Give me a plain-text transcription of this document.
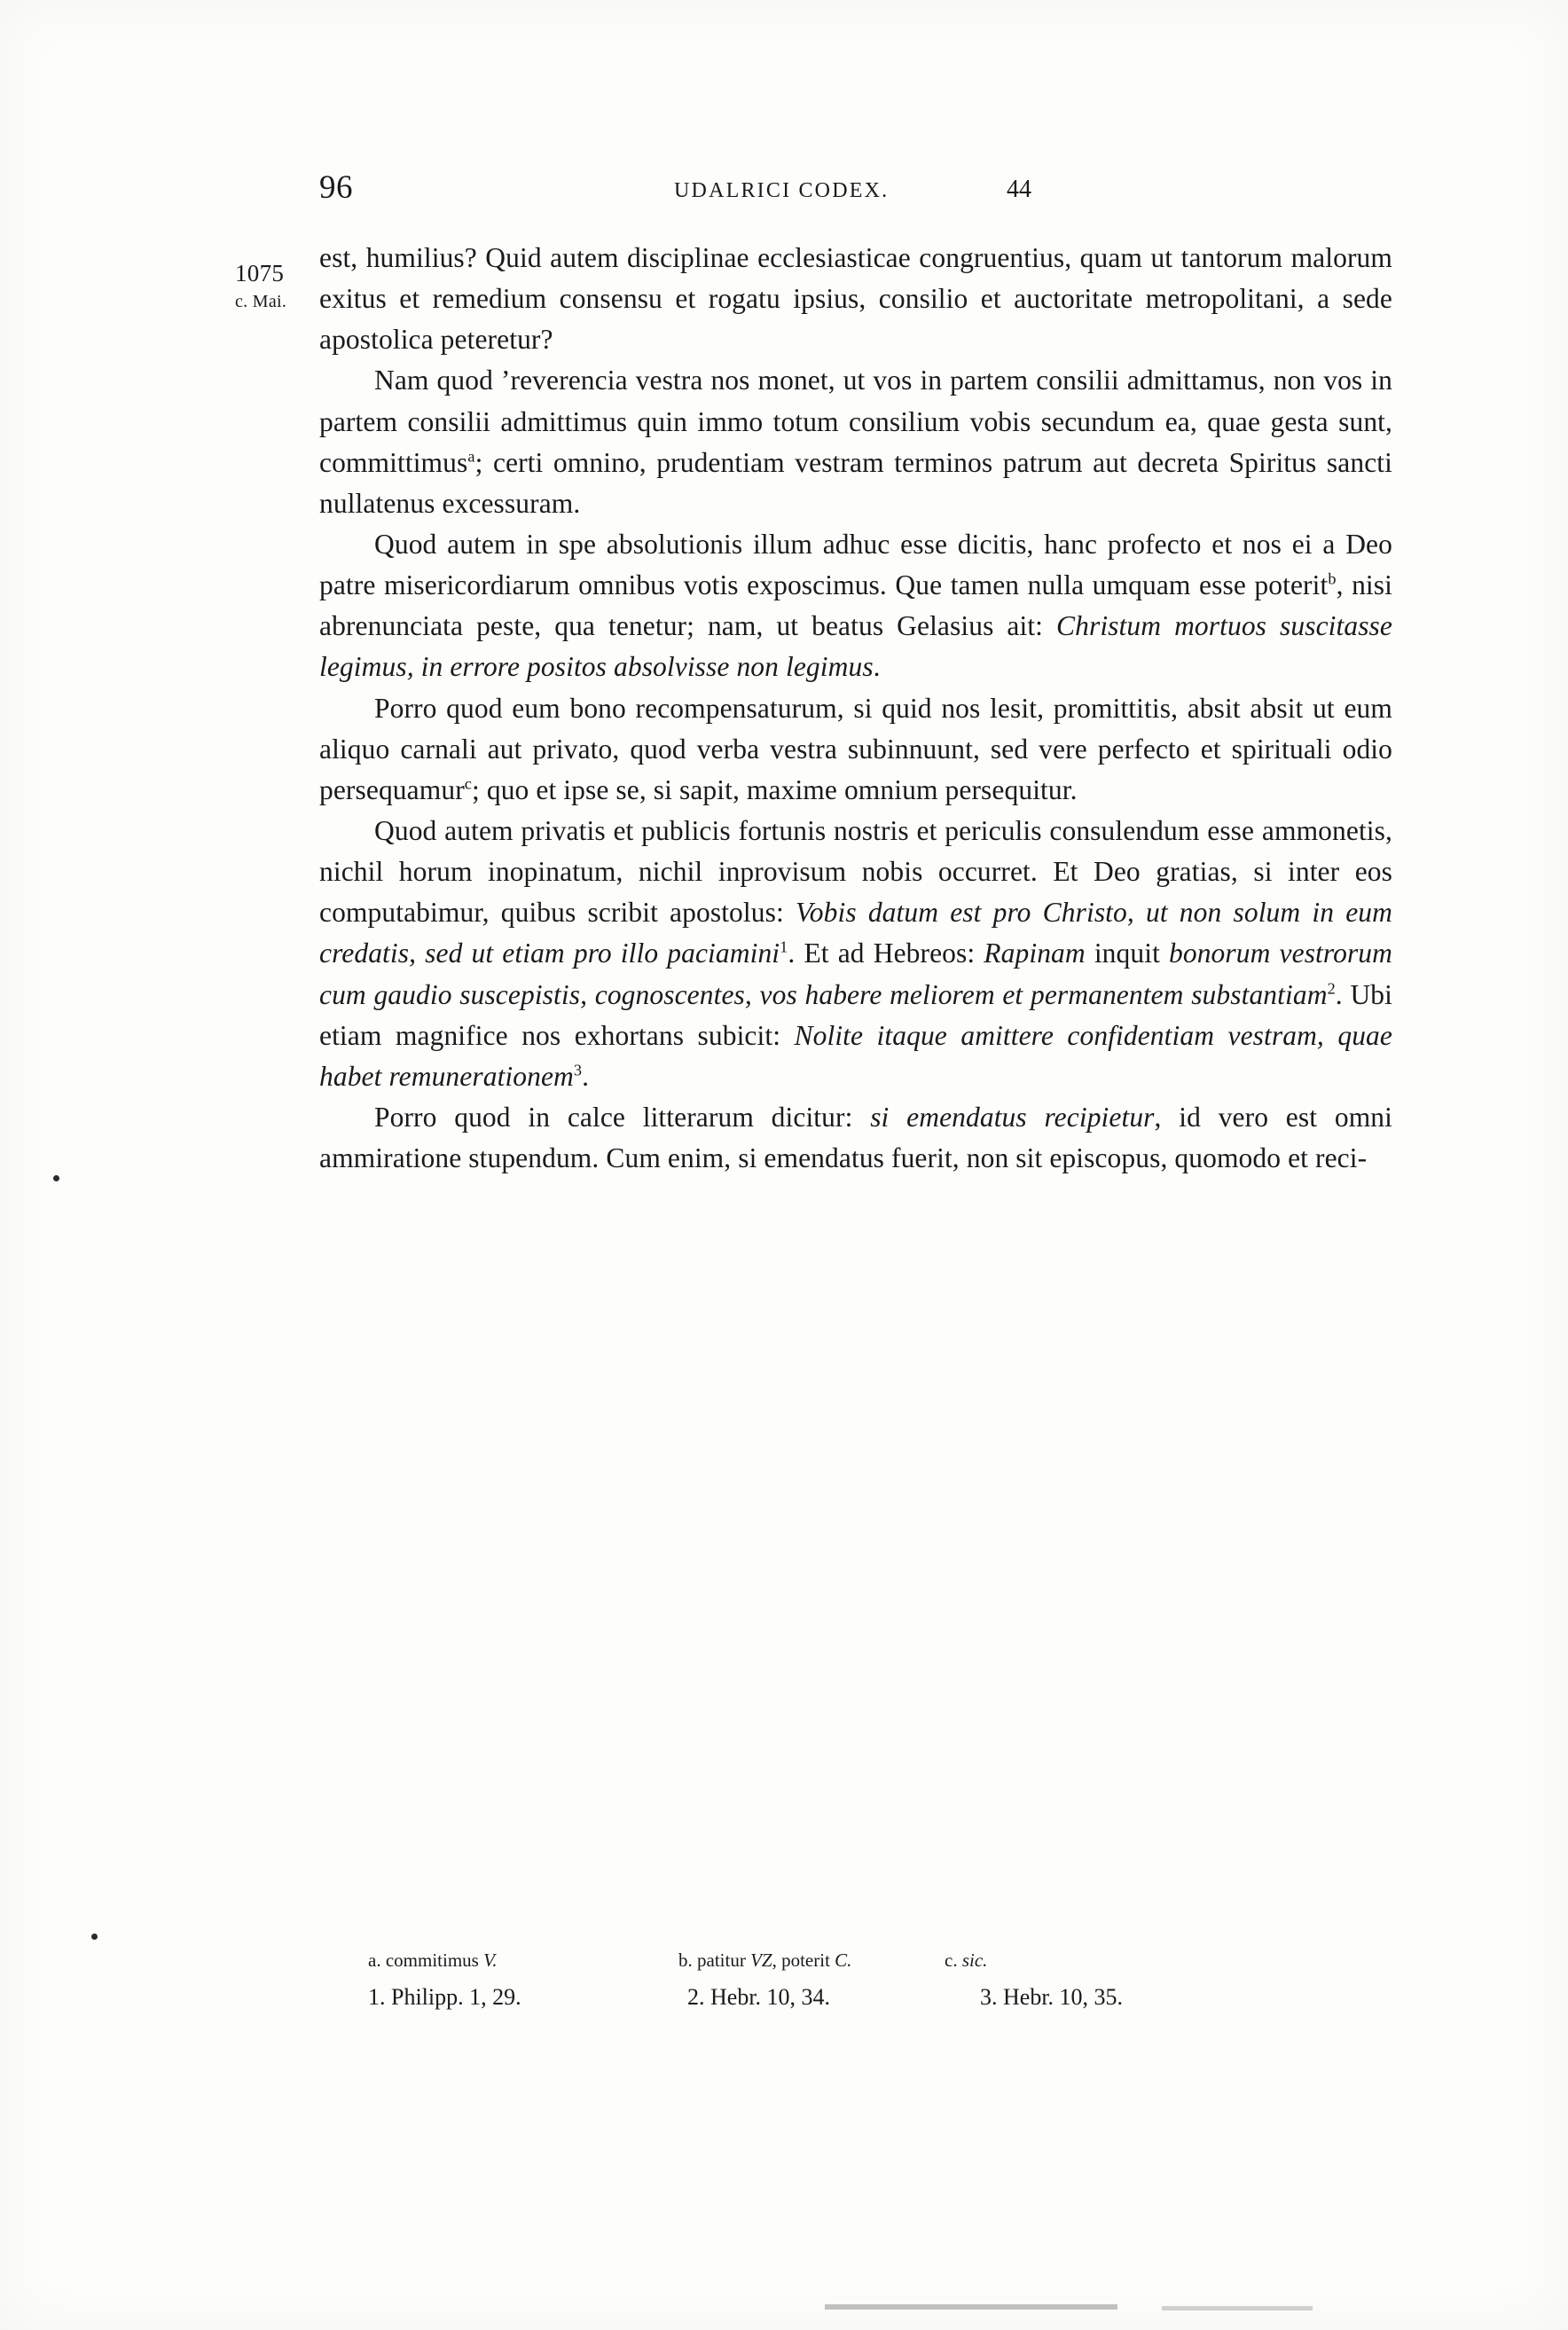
96	UDALRICI CODEX.	44

est, humilius? Quid autem disciplinae ecclesiasticae congruentius, quam ut tantorum malorum exitus et remedium consensu et rogatu ipsius, consilio et auctoritate metropolitani, a sede apostolica peteretur?

Nam quod ’reverencia vestra nos monet, ut vos in partem consilii admittamus, non vos in partem consilii admittimus quin immo totum consilium vobis secundum ea, quae gesta sunt, committimus$^a$; certi omnino, prudentiam vestram terminos patrum aut decreta Spiritus sancti nullatenus excessuram.

Quod autem in spe absolutionis illum adhuc esse dicitis, hanc profecto et nos ei a Deo patre misericordiarum omnibus votis exposcimus. Que tamen nulla umquam esse poterit$^b$, nisi abrenunciata peste, qua tenetur; nam, ut beatus Gelasius ait: Christum mortuos suscitasse legimus, in errore positos absolvisse non legimus.

Porro quod eum bono recompensaturum, si quid nos lesit, promittitis, absit absit ut eum aliquo carnali aut privato, quod verba vestra subinnuunt, sed vere perfecto et spirituali odio persequamur$^c$; quo et ipse se, si sapit, maxime omnium persequitur.

Quod autem privatis et publicis fortunis nostris et periculis consulendum esse ammonetis, nichil horum inopinatum, nichil inprovisum nobis occurret. Et Deo gratias, si inter eos computabimur, quibus scribit apostolus: Vobis datum est pro Christo, ut non solum in eum credatis, sed ut etiam pro illo paciamini$^1$. Et ad Hebreos: Rapinam inquit bonorum vestrorum cum gaudio suscepistis, cognoscentes, vos habere meliorem et permanentem substantiam$^2$. Ubi etiam magnifice nos exhortans subicit: Nolite itaque amittere confidentiam vestram, quae habet remunerationem$^3$.

Porro quod in calce litterarum dicitur: si emendatus recipietur, id vero est omni ammiratione stupendum. Cum enim, si emendatus fuerit, non sit episcopus, quomodo et reci-

1075
c. Mai.
a. commitimus V.	b. patitur VZ, poterit C.	c. sic.
1. Philipp. 1, 29.	2. Hebr. 10, 34.	3. Hebr. 10, 35.
